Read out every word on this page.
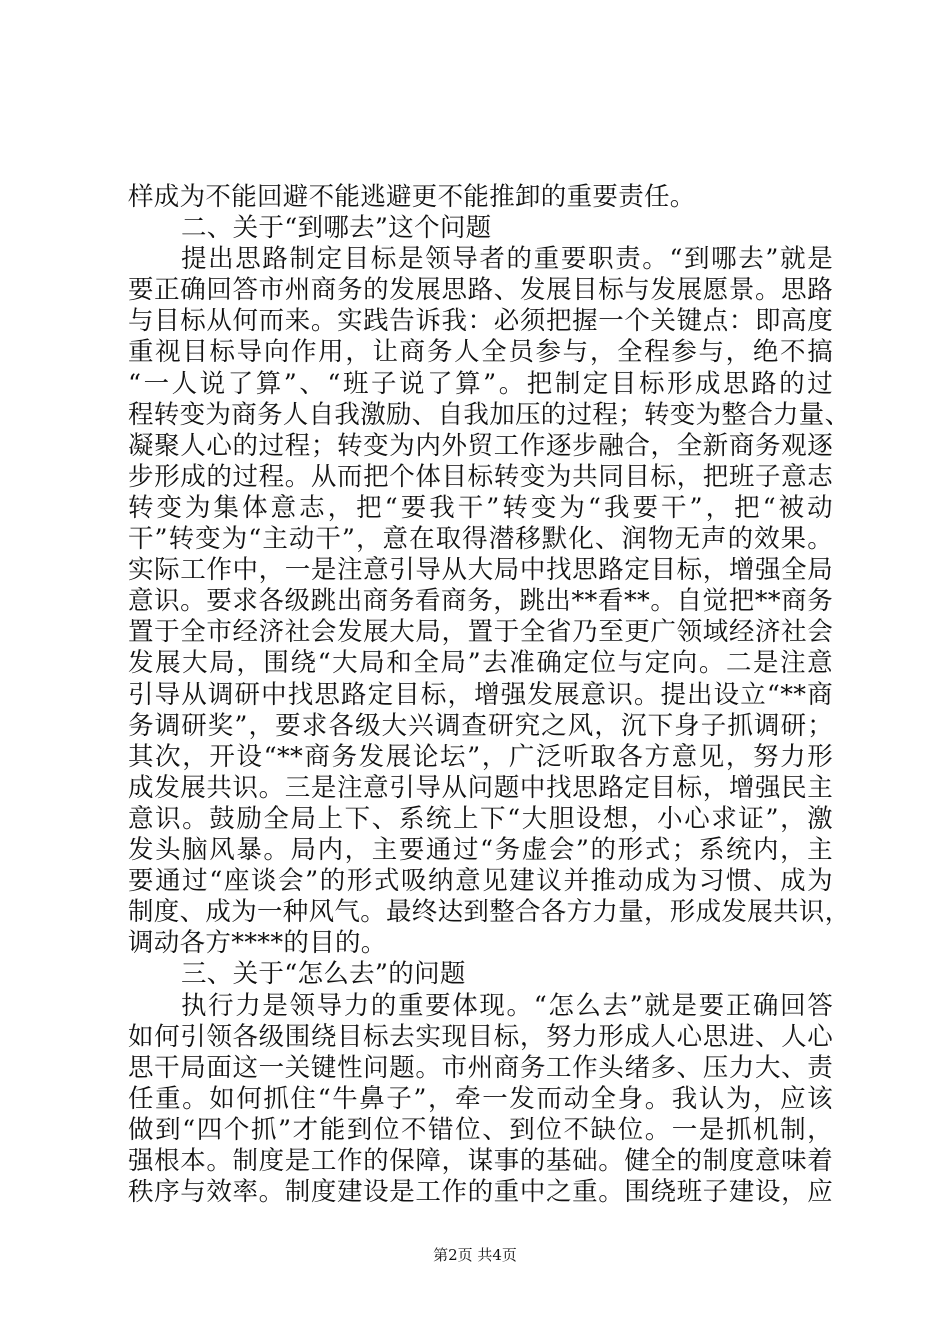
样成为不能回避不能逃避更不能推卸的重要责任。
二、关于“到哪去”这个问题
提出思路制定目标是领导者的重要职责。“到哪去”就是
要正确回答市州商务的发展思路、发展目标与发展愿景。思路
与目标从何而来。实践告诉我：必须把握一个关键点：即高度
重视目标导向作用，让商务人全员参与，全程参与，绝不搞
“一人说了算”、“班子说了算”。把制定目标形成思路的过
程转变为商务人自我激励、自我加压的过程；转变为整合力量、
凝聚人心的过程；转变为内外贸工作逐步融合，全新商务观逐
步形成的过程。从而把个体目标转变为共同目标，把班子意志
转变为集体意志，把“要我干”转变为“我要干”，把“被动
干”转变为“主动干”，意在取得潜移默化、润物无声的效果。
实际工作中，一是注意引导从大局中找思路定目标，增强全局
意识。要求各级跳出商务看商务，跳出**看**。自觉把**商务
置于全市经济社会发展大局，置于全省乃至更广领域经济社会
发展大局，围绕“大局和全局”去准确定位与定向。二是注意
引导从调研中找思路定目标，增强发展意识。提出设立“**商
务调研奖”，要求各级大兴调查研究之风，沉下身子抓调研；
其次，开设“**商务发展论坛”，广泛听取各方意见，努力形
成发展共识。三是注意引导从问题中找思路定目标，增强民主
意识。鼓励全局上下、系统上下“大胆设想，小心求证”，激
发头脑风暴。局内，主要通过“务虚会”的形式；系统内，主
要通过“座谈会”的形式吸纳意见建议并推动成为习惯、成为
制度、成为一种风气。最终达到整合各方力量，形成发展共识，
调动各方****的目的。
三、关于“怎么去”的问题
执行力是领导力的重要体现。“怎么去”就是要正确回答
如何引领各级围绕目标去实现目标，努力形成人心思进、人心
思干局面这一关键性问题。市州商务工作头绪多、压力大、责
任重。如何抓住“牛鼻子”，牵一发而动全身。我认为，应该
做到“四个抓”才能到位不错位、到位不缺位。一是抓机制，
强根本。制度是工作的保障，谋事的基础。健全的制度意味着
秩序与效率。制度建设是工作的重中之重。围绕班子建设，应
第2页 共4页
